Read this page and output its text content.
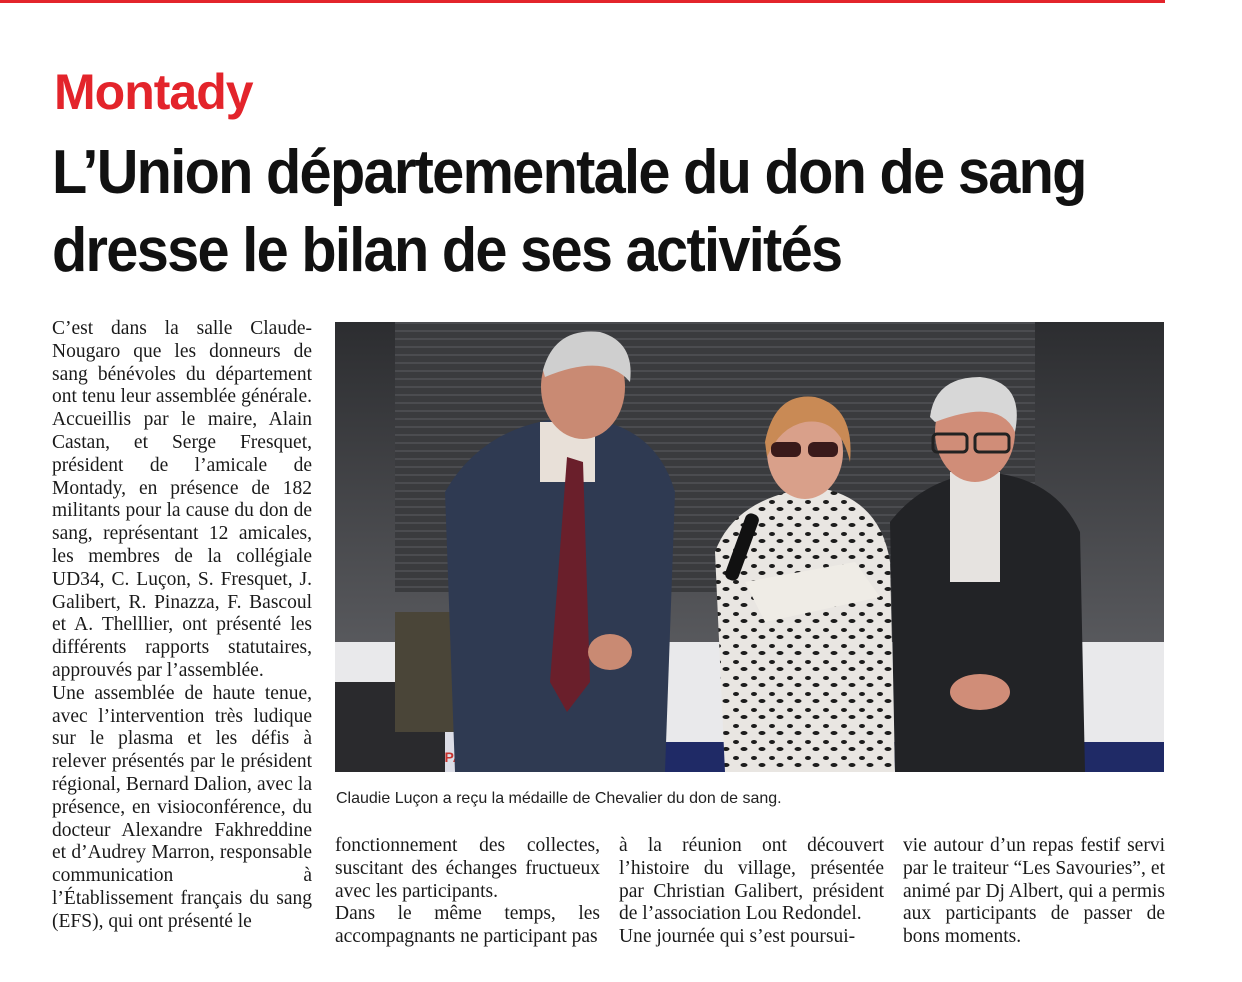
Montady
L’Union départementale du don de sang dresse le bilan de ses activités

C’est dans la salle Claude-Nougaro que les donneurs de sang bénévoles du département ont tenu leur assemblée générale. Accueillis par le maire, Alain Castan, et Serge Fresquet, président de l’amicale de Montady, en présence de 182 militants pour la cause du don de sang, représentant 12 amicales, les membres de la collégiale UD34, C. Luçon, S. Fresquet, J. Galibert, R. Pinazza, F. Bascoul et A. Thelllier, ont présenté les différents rapports statutaires, approuvés par l’assemblée.

Une assemblée de haute tenue, avec l’intervention très ludique sur le plasma et les défis à relever présentés par le président régional, Bernard Dalion, avec la présence, en visioconférence, du docteur Alexandre Fakhreddine et d’Audrey Marron, responsable communication à l’Établissement français du sang (EFS), qui ont présenté le

Claudie Luçon a reçu la médaille de Chevalier du don de sang.

fonctionnement des collectes, suscitant des échanges fructueux avec les participants.

Dans le même temps, les accompagnants ne participant pas

à la réunion ont découvert l’histoire du village, présentée par Christian Galibert, président de l’association Lou Redondel.

Une journée qui s’est poursui-

vie autour d’un repas festif servi par le traiteur “Les Savouries”, et animé par Dj Albert, qui a permis aux participants de passer de bons moments.
